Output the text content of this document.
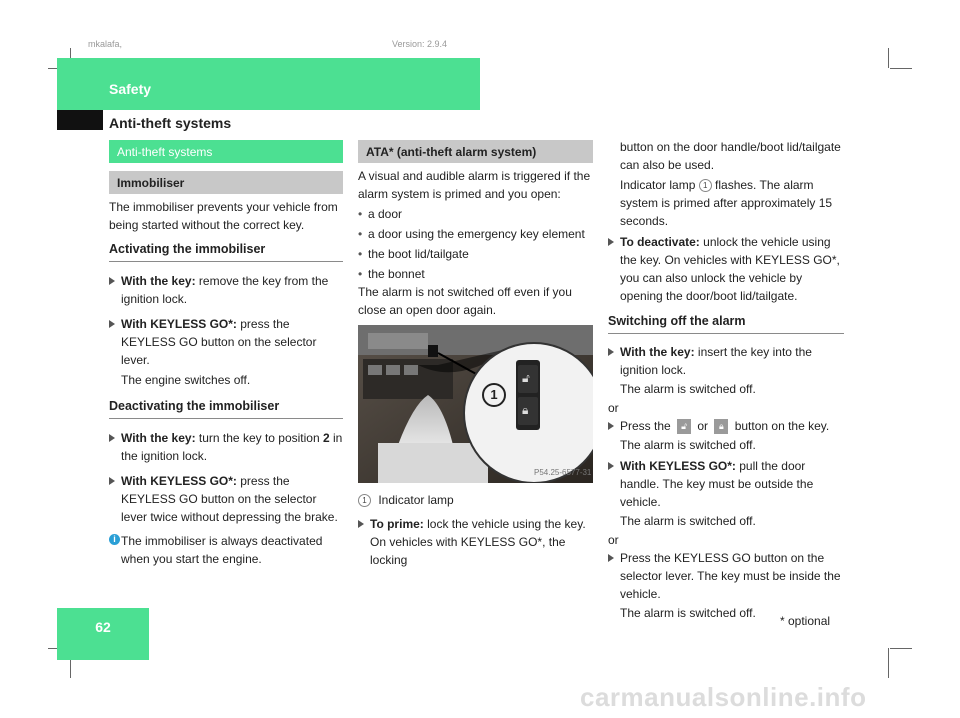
mkalafa,	Version: 2.9.4
Safety
Anti-theft systems
Anti-theft systems
Immobiliser

The immobiliser prevents your vehicle from being started without the correct key.

Activating the immobiliser
With the key: remove the key from the ignition lock.
With KEYLESS GO*: press the KEYLESS GO button on the selector lever.
The engine switches off.
Deactivating the immobiliser
With the key: turn the key to position 2 in the ignition lock.
With KEYLESS GO*: press the KEYLESS GO button on the selector lever twice without depressing the brake.
i The immobiliser is always deactivated when you start the engine.
ATA* (anti-theft alarm system)

A visual and audible alarm is triggered if the alarm system is primed and you open:

• a door
• a door using the emergency key element
• the boot lid/tailgate
• the bonnet

The alarm is not switched off even if you close an open door again.

🔓︎
🔒︎
1
P54.25-6577-31
1 Indicator lamp
To prime: lock the vehicle using the key. On vehicles with KEYLESS GO*, the locking
button on the door handle/boot lid/tailgate can also be used.
Indicator lamp 1 flashes. The alarm system is primed after approximately 15 seconds.
To deactivate: unlock the vehicle using the key. On vehicles with KEYLESS GO*, you can also unlock the vehicle by opening the door/boot lid/tailgate.
Switching off the alarm
With the key: insert the key into the ignition lock.
The alarm is switched off.
or
Press the 🔓︎ or 🔒︎ button on the key.
The alarm is switched off.
With KEYLESS GO*: pull the door handle. The key must be outside the vehicle.
The alarm is switched off.
or
Press the KEYLESS GO button on the selector lever. The key must be inside the vehicle.
The alarm is switched off.
62	* optional
carmanualsonline.info
